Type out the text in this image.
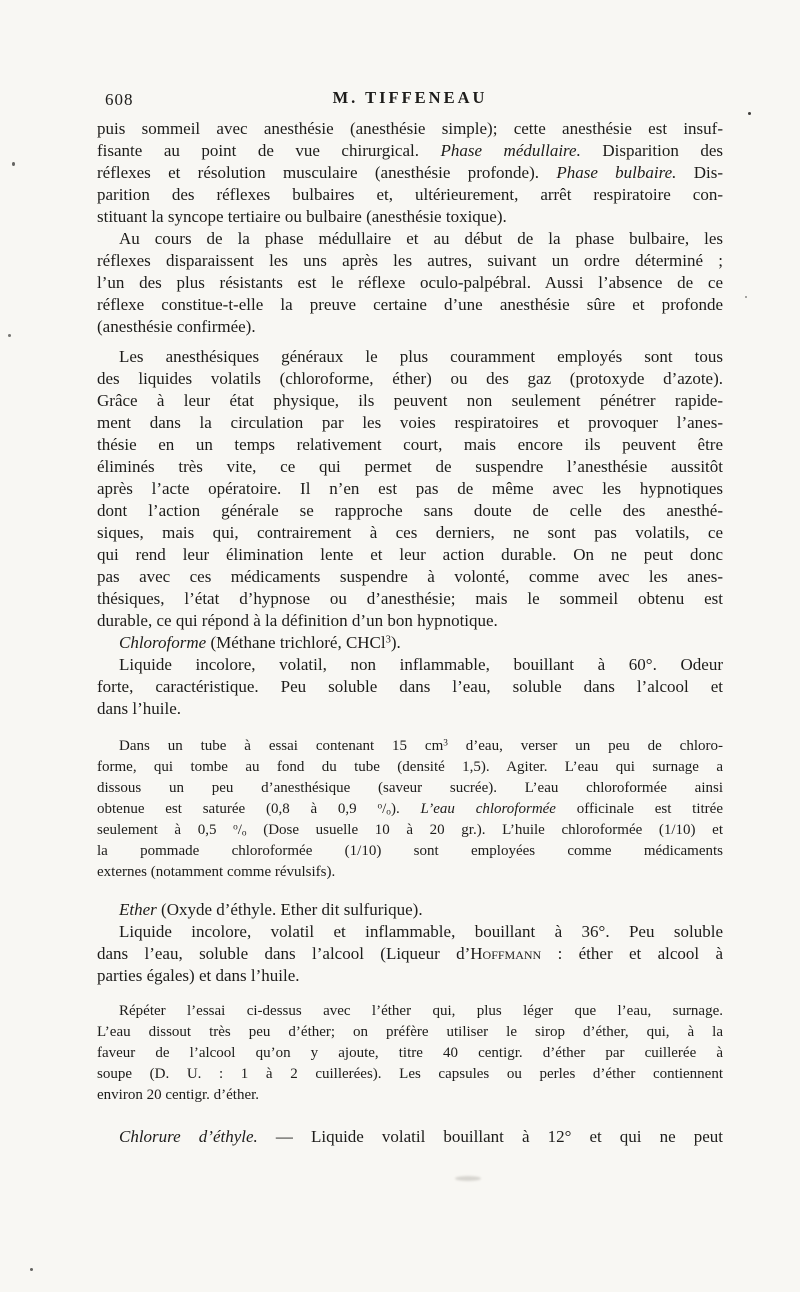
608	M. TIFFENEAU

puis sommeil avec anesthésie (anesthésie simple); cette anesthésie est insuf-
fisante au point de vue chirurgical. Phase médullaire. Disparition des
réflexes et résolution musculaire (anesthésie profonde). Phase bulbaire. Dis-
parition des réflexes bulbaires et, ultérieurement, arrêt respiratoire con-
stituant la syncope tertiaire ou bulbaire (anesthésie toxique).

Au cours de la phase médullaire et au début de la phase bulbaire, les
réflexes disparaissent les uns après les autres, suivant un ordre déterminé ;
l’un des plus résistants est le réflexe oculo-palpébral. Aussi l’absence de ce
réflexe constitue-t-elle la preuve certaine d’une anesthésie sûre et profonde
(anesthésie confirmée).

Les anesthésiques généraux le plus couramment employés sont tous
des liquides volatils (chloroforme, éther) ou des gaz (protoxyde d’azote).
Grâce à leur état physique, ils peuvent non seulement pénétrer rapide-
ment dans la circulation par les voies respiratoires et provoquer l’anes-
thésie en un temps relativement court, mais encore ils peuvent être
éliminés très vite, ce qui permet de suspendre l’anesthésie aussitôt
après l’acte opératoire. Il n’en est pas de même avec les hypnotiques
dont l’action générale se rapproche sans doute de celle des anesthé-
siques, mais qui, contrairement à ces derniers, ne sont pas volatils, ce
qui rend leur élimination lente et leur action durable. On ne peut donc
pas avec ces médicaments suspendre à volonté, comme avec les anes-
thésiques, l’état d’hypnose ou d’anesthésie; mais le sommeil obtenu est
durable, ce qui répond à la définition d’un bon hypnotique.

Chloroforme (Méthane trichloré, CHCl$^3$).

Liquide incolore, volatil, non inflammable, bouillant à 60°. Odeur
forte, caractéristique. Peu soluble dans l’eau, soluble dans l’alcool et
dans l’huile.

Dans un tube à essai contenant 15 $cm^3$ d’eau, verser un peu de chloro-
forme, qui tombe au fond du tube (densité 1,5). Agiter. L’eau qui surnage a
dissous un peu d’anesthésique (saveur sucrée). L’eau chloroformée ainsi
obtenue est saturée (0,8 à 0,9 $^o$/o). L’eau chloroformée officinale est titrée
seulement à 0,5 $^o$/o (Dose usuelle 10 à 20 gr.). L’huile chloroformée (1/10) et
la pommade chloroformée (1/10) sont employées comme médicaments
externes (notamment comme révulsifs).

Ether (Oxyde d’éthyle. Ether dit sulfurique).

Liquide incolore, volatil et inflammable, bouillant à 36°. Peu soluble
dans l’eau, soluble dans l’alcool (Liqueur d’Hoffmann : éther et alcool à
parties égales) et dans l’huile.

Répéter l’essai ci-dessus avec l’éther qui, plus léger que l’eau, surnage.
L’eau dissout très peu d’éther; on préfère utiliser le sirop d’éther, qui, à la
faveur de l’alcool qu’on y ajoute, titre 40 centigr. d’éther par cuillerée à
soupe (D. U. : 1 à 2 cuillerées). Les capsules ou perles d’éther contiennent
environ 20 centigr. d’éther.

Chlorure d’éthyle. — Liquide volatil bouillant à 12° et qui ne peut
